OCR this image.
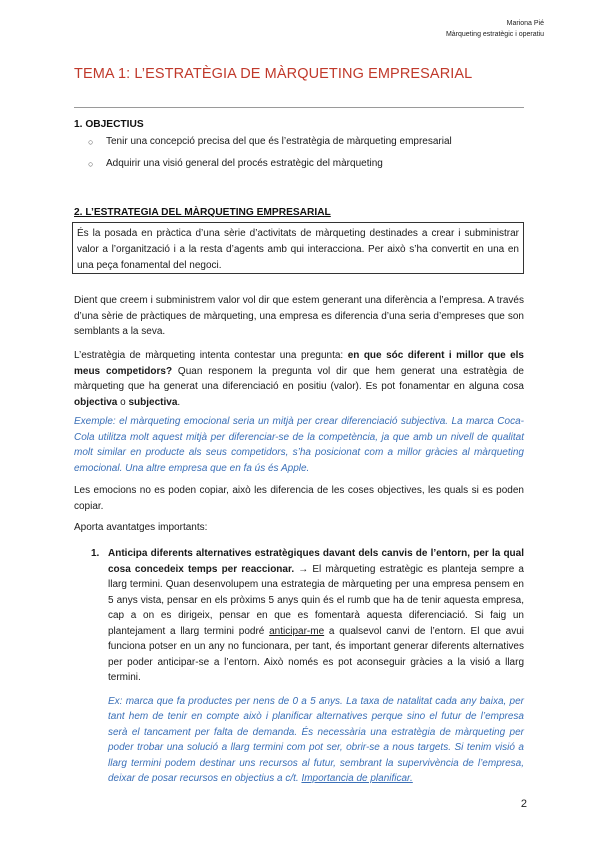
Mariona Pié
Màrqueting estratègic i operatiu
TEMA 1: L’ESTRATÈGIA DE MÀRQUETING EMPRESARIAL
1. OBJECTIUS
○ Tenir una concepció precisa del que és l’estratègia de màrqueting empresarial
○ Adquirir una visió general del procés estratègic del màrqueting
2. L’ESTRATEGIA DEL MÀRQUETING EMPRESARIAL
És la posada en pràctica d’una sèrie d’activitats de màrqueting destinades a crear i subministrar valor a l’organització i a la resta d’agents amb qui interacciona. Per això s’ha convertit en una en una peça fonamental del negoci.
Dient que creem i subministrem valor vol dir que estem generant una diferència a l’empresa. A través d’una sèrie de pràctiques de màrqueting, una empresa es diferencia d’una seria d’empreses que son semblants a la seva.
L’estratègia de màrqueting intenta contestar una pregunta: en que sóc diferent i millor que els meus competidors? Quan responem la pregunta vol dir que hem generat una estratègia de màrqueting que ha generat una diferenciació en positiu (valor). Es pot fonamentar en alguna cosa objectiva o subjectiva.
Exemple: el màrqueting emocional seria un mitjà per crear diferenciació subjectiva. La marca Coca-Cola utilitza molt aquest mitjà per diferenciar-se de la competència, ja que amb un nivell de qualitat molt similar en producte als seus competidors, s’ha posicionat com a millor gràcies al màrqueting emocional. Una altre empresa que en fa ús és Apple.
Les emocions no es poden copiar, això les diferencia de les coses objectives, les quals si es poden copiar.
Aporta avantatges importants:
1. Anticipa diferents alternatives estratègiques davant dels canvis de l’entorn, per la qual cosa concedeix temps per reaccionar. → El màrqueting estratègic es planteja sempre a llarg termini. Quan desenvolupem una estrategia de màrqueting per una empresa pensem en 5 anys vista, pensar en els pròxims 5 anys quin és el rumb que ha de tenir aquesta empresa, cap a on es dirigeix, pensar en que es fomentarà aquesta diferenciació. Si faig un plantejament a llarg termini podré anticipar-me a qualsevol canvi de l’entorn. El que avui funciona potser en un any no funcionara, per tant, és important generar diferents alternatives per poder anticipar-se a l’entorn. Això només es pot aconseguir gràcies a la visió a llarg termini.
Ex: marca que fa productes per nens de 0 a 5 anys. La taxa de natalitat cada any baixa, per tant hem de tenir en compte això i planificar alternatives perque sino el futur de l’empresa serà el tancament per falta de demanda. És necessària una estratègia de màrqueting per poder trobar una solució a llarg termini com pot ser, obrir-se a nous targets. Si tenim visió a llarg termini podem destinar uns recursos al futur, sembrant la supervivència de l’empresa, deixar de posar recursos en objectius a c/t. Importancia de planificar.
2
